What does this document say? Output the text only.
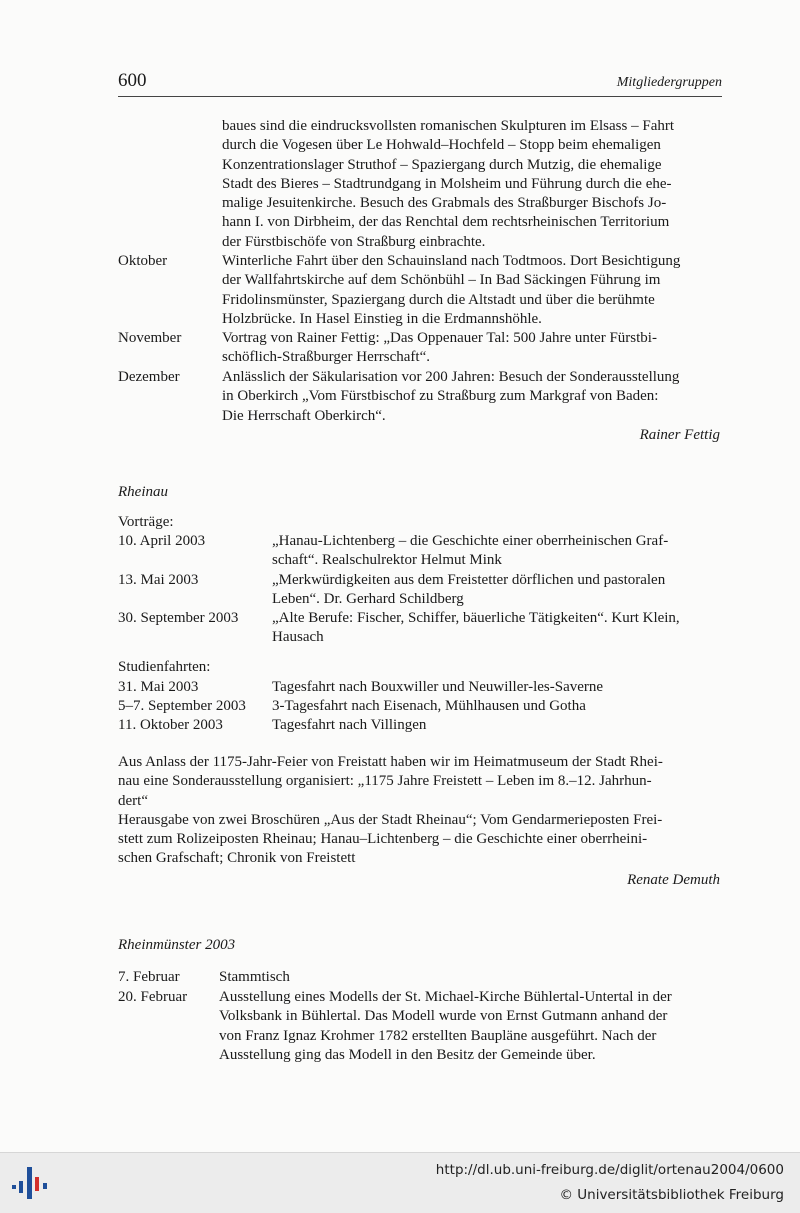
600	Mitgliedergruppen
baues sind die eindrucksvollsten romanischen Skulpturen im Elsass – Fahrt
durch die Vogesen über Le Hohwald–Hochfeld – Stopp beim ehemaligen
Konzentrationslager Struthof – Spaziergang durch Mutzig, die ehemalige
Stadt des Bieres – Stadtrundgang in Molsheim und Führung durch die ehe-
malige Jesuitenkirche. Besuch des Grabmals des Straßburger Bischofs Jo-
hann I. von Dirbheim, der das Renchtal dem rechtsrheinischen Territorium
der Fürstbischöfe von Straßburg einbrachte.
Oktober	Winterliche Fahrt über den Schauinsland nach Todtmoos. Dort Besichtigung
der Wallfahrtskirche auf dem Schönbühl – In Bad Säckingen Führung im
Fridolinsmünster, Spaziergang durch die Altstadt und über die berühmte
Holzbrücke. In Hasel Einstieg in die Erdmannshöhle.
November	Vortrag von Rainer Fettig: „Das Oppenauer Tal: 500 Jahre unter Fürstbi-
schöflich-Straßburger Herrschaft“.
Dezember	Anlässlich der Säkularisation vor 200 Jahren: Besuch der Sonderausstellung
in Oberkirch „Vom Fürstbischof zu Straßburg zum Markgraf von Baden:
Die Herrschaft Oberkirch“.
Rainer Fettig
Rheinau
Vorträge:
10. April 2003	„Hanau-Lichtenberg – die Geschichte einer oberrheinischen Graf-
schaft“. Realschulrektor Helmut Mink
13. Mai 2003	„Merkwürdigkeiten aus dem Freistetter dörflichen und pastoralen
Leben“. Dr. Gerhard Schildberg
30. September 2003 „Alte Berufe: Fischer, Schiffer, bäuerliche Tätigkeiten“. Kurt Klein,
Hausach
Studienfahrten:
31. Mai 2003	Tagesfahrt nach Bouxwiller und Neuwiller-les-Saverne
5–7. September 2003 3-Tagesfahrt nach Eisenach, Mühlhausen und Gotha
11. Oktober 2003	Tagesfahrt nach Villingen
Aus Anlass der 1175-Jahr-Feier von Freistatt haben wir im Heimatmuseum der Stadt Rhei-
nau eine Sonderausstellung organisiert: „1175 Jahre Freistett – Leben im 8.–12. Jahrhun-
dert“
Herausgabe von zwei Broschüren „Aus der Stadt Rheinau“; Vom Gendarmerieposten Frei-
stett zum Rolizeiposten Rheinau; Hanau–Lichtenberg – die Geschichte einer oberrheini-
schen Grafschaft; Chronik von Freistett
Renate Demuth
Rheinmünster 2003
7. Februar	Stammtisch
20. Februar Ausstellung eines Modells der St. Michael-Kirche Bühlertal-Untertal in der
Volksbank in Bühlertal. Das Modell wurde von Ernst Gutmann anhand der
von Franz Ignaz Krohmer 1782 erstellten Baupläne ausgeführt. Nach der
Ausstellung ging das Modell in den Besitz der Gemeinde über.
http://dl.ub.uni-freiburg.de/diglit/ortenau2004/0600
© Universitätsbibliothek Freiburg
